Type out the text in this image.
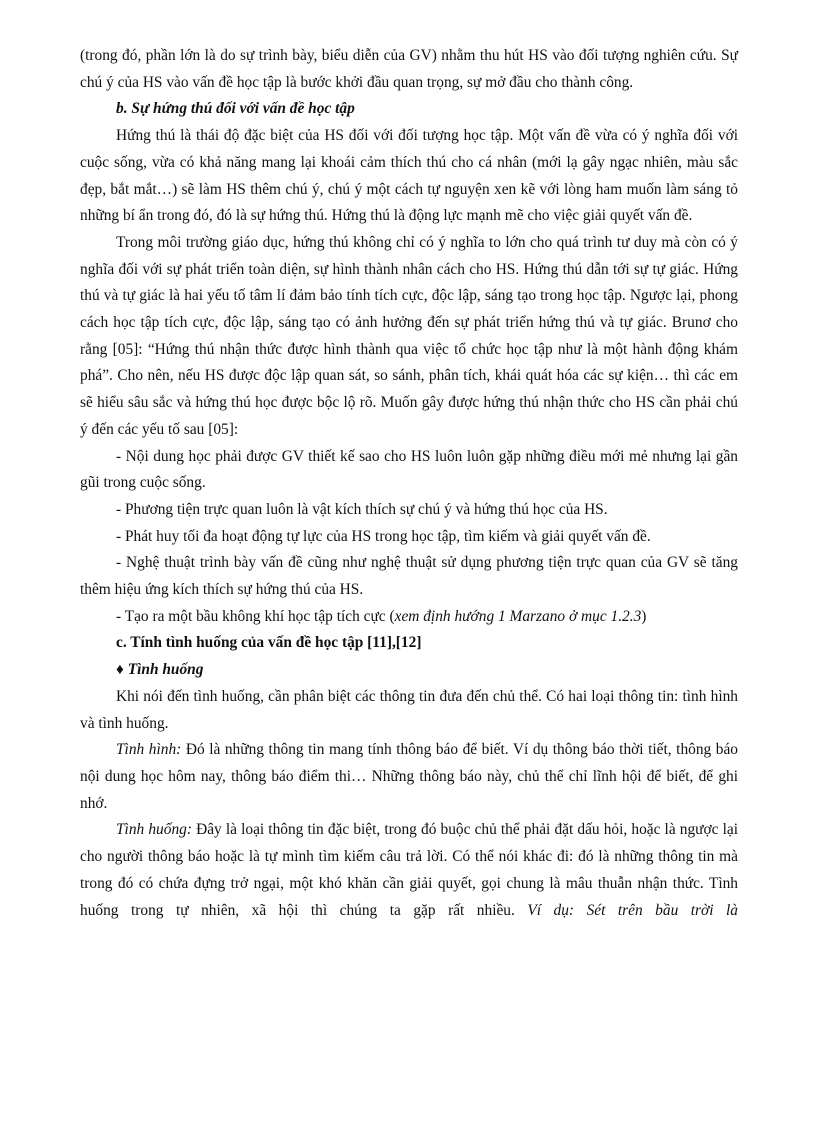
(trong đó, phần lớn là do sự trình bày, biểu diễn của GV) nhằm thu hút HS vào đối tượng nghiên cứu. Sự chú ý của HS vào vấn đề học tập là bước khởi đầu quan trọng, sự mở đầu cho thành công.

b. Sự hứng thú đối với vấn đề học tập

Hứng thú là thái độ đặc biệt của HS đối với đối tượng học tập. Một vấn đề vừa có ý nghĩa đối với cuộc sống, vừa có khả năng mang lại khoái cảm thích thú cho cá nhân (mới lạ gây ngạc nhiên, màu sắc đẹp, bắt mắt…) sẽ làm HS thêm chú ý, chú ý một cách tự nguyện xen kẽ với lòng ham muốn làm sáng tỏ những bí ẩn trong đó, đó là sự hứng thú. Hứng thú là động lực mạnh mẽ cho việc giải quyết vấn đề.

Trong môi trường giáo dục, hứng thú không chỉ có ý nghĩa to lớn cho quá trình tư duy mà còn có ý nghĩa đối với sự phát triển toàn diện, sự hình thành nhân cách cho HS. Hứng thú dẫn tới sự tự giác. Hứng thú và tự giác là hai yếu tố tâm lí đảm bảo tính tích cực, độc lập, sáng tạo trong học tập. Ngược lại, phong cách học tập tích cực, độc lập, sáng tạo có ảnh hưởng đến sự phát triển hứng thú và tự giác. Brunơ cho rằng [05]: “Hứng thú nhận thức được hình thành qua việc tổ chức học tập như là một hành động khám phá”. Cho nên, nếu HS được độc lập quan sát, so sánh, phân tích, khái quát hóa các sự kiện… thì các em sẽ hiểu sâu sắc và hứng thú học được bộc lộ rõ. Muốn gây được hứng thú nhận thức cho HS cần phải chú ý đến các yếu tố sau [05]:

- Nội dung học phải được GV thiết kế sao cho HS luôn luôn gặp những điều mới mẻ nhưng lại gần gũi trong cuộc sống.

- Phương tiện trực quan luôn là vật kích thích sự chú ý và hứng thú học của HS.

- Phát huy tối đa hoạt động tự lực của HS trong học tập, tìm kiếm và giải quyết vấn đề.

- Nghệ thuật trình bày vấn đề cũng như nghệ thuật sử dụng phương tiện trực quan của GV sẽ tăng thêm hiệu ứng kích thích sự hứng thú của HS.

- Tạo ra một bầu không khí học tập tích cực (xem định hướng 1 Marzano ở mục 1.2.3)

c. Tính tình huống của vấn đề học tập [11],[12]

♦ Tình huống

Khi nói đến tình huống, cần phân biệt các thông tin đưa đến chủ thể. Có hai loại thông tin: tình hình và tình huống.

Tình hình: Đó là những thông tin mang tính thông báo để biết. Ví dụ thông báo thời tiết, thông báo nội dung học hôm nay, thông báo điểm thi… Những thông báo này, chủ thể chỉ lĩnh hội để biết, để ghi nhớ.

Tình huống: Đây là loại thông tin đặc biệt, trong đó buộc chủ thể phải đặt dấu hỏi, hoặc là ngược lại cho người thông báo hoặc là tự mình tìm kiếm câu trả lời. Có thể nói khác đi: đó là những thông tin mà trong đó có chứa đựng trở ngại, một khó khăn cần giải quyết, gọi chung là mâu thuẫn nhận thức. Tình huống trong tự nhiên, xã hội thì chúng ta gặp rất nhiều. Ví dụ: Sét trên bầu trời là
